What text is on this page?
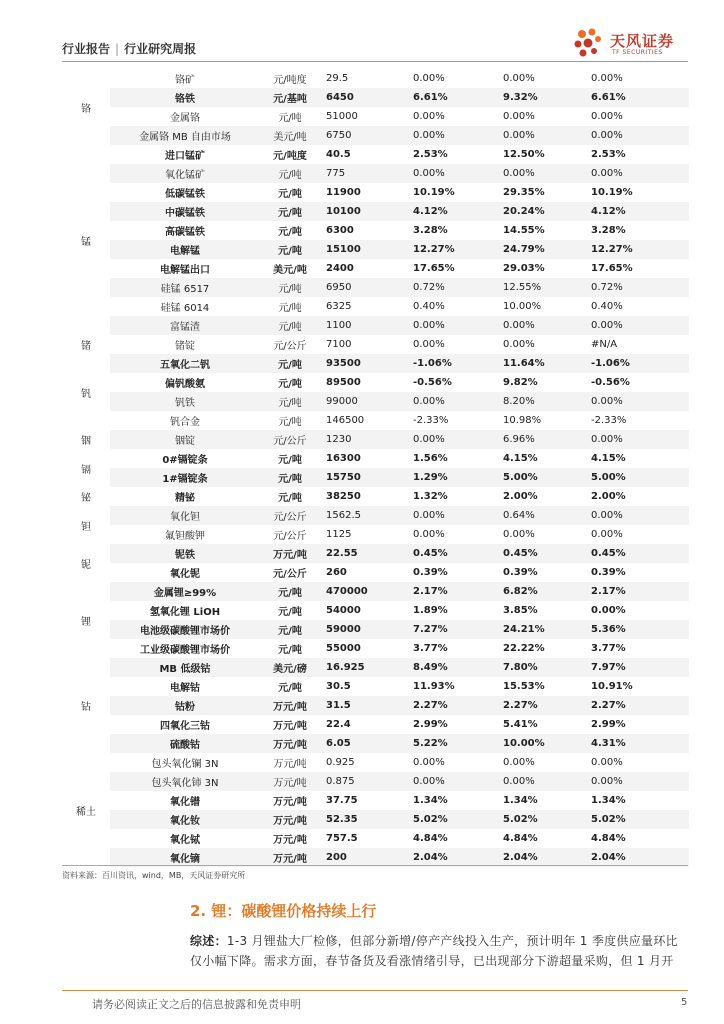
行业报告 | 行业研究周报	天风证券
TF SECURITIES
铬	铬矿	元/吨度	29.5	0.00%	0.00%	0.00%
	铬铁	元/基吨	6450	6.61%	9.32%	6.61%
	金属铬	元/吨	51000	0.00%	0.00%	0.00%
	金属铬 MB 自由市场	美元/吨	6750	0.00%	0.00%	0.00%
锰	进口锰矿	元/吨度	40.5	2.53%	12.50%	2.53%
	氧化锰矿	元/吨	775	0.00%	0.00%	0.00%
	低碳锰铁	元/吨	11900	10.19%	29.35%	10.19%
	中碳锰铁	元/吨	10100	4.12%	20.24%	4.12%
	高碳锰铁	元/吨	6300	3.28%	14.55%	3.28%
	电解锰	元/吨	15100	12.27%	24.79%	12.27%
	电解锰出口	美元/吨	2400	17.65%	29.03%	17.65%
	硅锰 6517	元/吨	6950	0.72%	12.55%	0.72%
	硅锰 6014	元/吨	6325	0.40%	10.00%	0.40%
	富锰渣	元/吨	1100	0.00%	0.00%	0.00%
锗	锗锭	元/公斤	7100	0.00%	0.00%	#N/A
钒	五氧化二钒	元/吨	93500	-1.06%	11.64%	-1.06%
	偏钒酸氨	元/吨	89500	-0.56%	9.82%	-0.56%
	钒铁	元/吨	99000	0.00%	8.20%	0.00%
	钒合金	元/吨	146500	-2.33%	10.98%	-2.33%
铟	铟锭	元/公斤	1230	0.00%	6.96%	0.00%
镉	0#镉锭条	元/吨	16300	1.56%	4.15%	4.15%
	1#镉锭条	元/吨	15750	1.29%	5.00%	5.00%
铋	精铋	元/吨	38250	1.32%	2.00%	2.00%
钽	氧化钽	元/公斤	1562.5	0.00%	0.64%	0.00%
	氟钽酸钾	元/公斤	1125	0.00%	0.00%	0.00%
铌	铌铁	万元/吨	22.55	0.45%	0.45%	0.45%
	氧化铌	元/公斤	260	0.39%	0.39%	0.39%
锂	金属锂≥99%	元/吨	470000	2.17%	6.82%	2.17%
	氢氧化锂 LiOH	元/吨	54000	1.89%	3.85%	0.00%
	电池级碳酸锂市场价	元/吨	59000	7.27%	24.21%	5.36%
	工业级碳酸锂市场价	元/吨	55000	3.77%	22.22%	3.77%
钴	MB 低级钴	美元/磅	16.925	8.49%	7.80%	7.97%
	电解钴	元/吨	30.5	11.93%	15.53%	10.91%
	钴粉	万元/吨	31.5	2.27%	2.27%	2.27%
	四氧化三钴	万元/吨	22.4	2.99%	5.41%	2.99%
	硫酸钴	万元/吨	6.05	5.22%	10.00%	4.31%
稀土	包头氧化镧 3N	万元/吨	0.925	0.00%	0.00%	0.00%
	包头氧化铈 3N	万元/吨	0.875	0.00%	0.00%	0.00%
	氧化镨	万元/吨	37.75	1.34%	1.34%	1.34%
	氧化钕	万元/吨	52.35	5.02%	5.02%	5.02%
	氧化铽	万元/吨	757.5	4.84%	4.84%	4.84%
	氧化镝	万元/吨	200	2.04%	2.04%	2.04%
资料来源：百川资讯，wind，MB，天风证券研究所
2. 锂：碳酸锂价格持续上行
综述：1-3 月锂盐大厂检修，但部分新增/停产产线投入生产，预计明年 1 季度供应量环比仅小幅下降。需求方面，春节备货及看涨情绪引导，已出现部分下游超量采购，但 1 月开
请务必阅读正文之后的信息披露和免责申明	5
